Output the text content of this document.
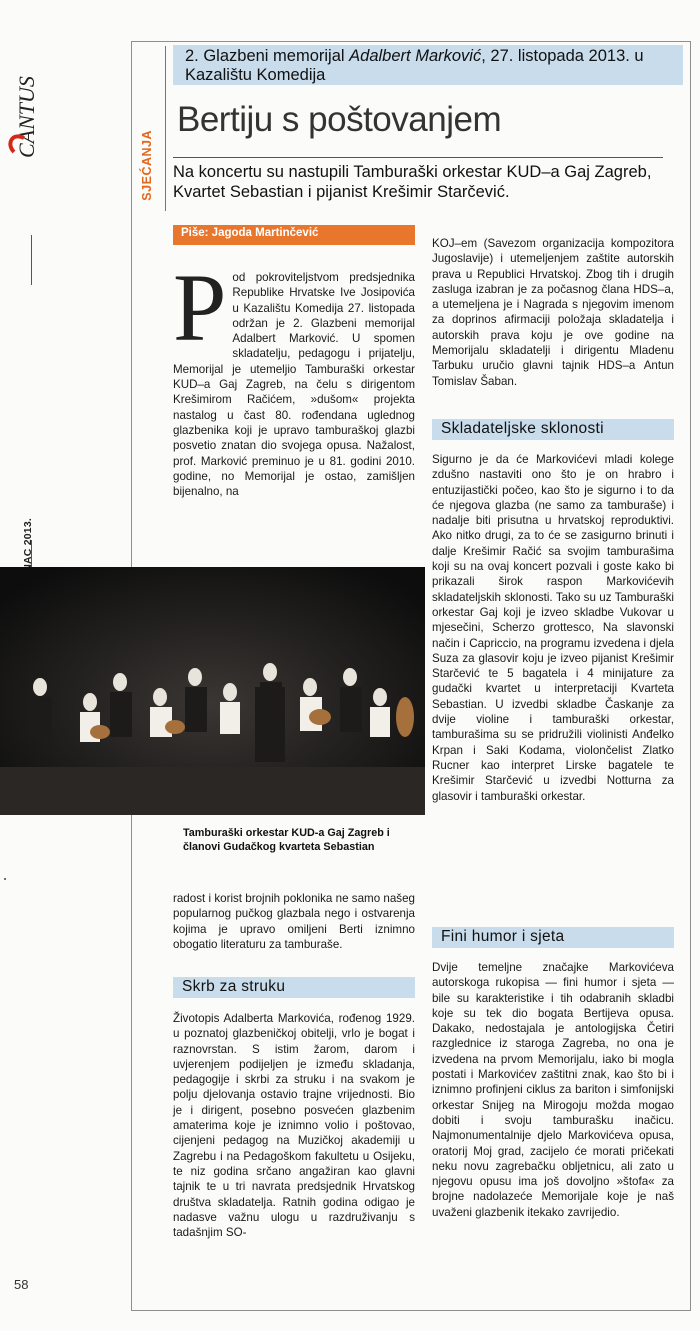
CANTUS
58
SJEĆANJA
2. Glazbeni memorijal Adalbert Marković, 27. listopada 2013. u Kazalištu Komedija
Bertiju s poštovanjem
Na koncertu su nastupili Tamburaški orkestar KUD–a Gaj Zagreb, Kvartet Sebastian i pijanist Krešimir Starčević.
Piše: Jagoda Martinčević
P od pokroviteljstvom predsjednika Republike Hrvatske Ive Josipovića u Kazalištu Komedija 27. listopada održan je 2. Glazbeni memorijal Adalbert Marković. U spomen skladatelju, pedagogu i prijatelju, Memorijal je utemeljio Tamburaški orkestar KUD–a Gaj Zagreb, na čelu s dirigentom Krešimirom Račićem, »dušom« projekta nastalog u čast 80. rođendana uglednog glazbenika koji je upravo tamburaškoj glazbi posvetio znatan dio svojega opusa. Nažalost, prof. Marković preminuo je u 81. godini 2010. godine, no Memorijal je ostao, zamišljen bijenalno, na
Tamburaški orkestar KUD-a Gaj Zagreb i članovi Gudačkog kvarteta Sebastian
radost i korist brojnih poklonika ne samo našeg popularnog pučkog glazbala nego i ostvarenja kojima je upravo omiljeni Berti iznimno obogatio literaturu za tamburaše.
Skrb za struku
Životopis Adalberta Markovića, rođenog 1929. u poznatoj glazbeničkoj obitelji, vrlo je bogat i raznovrstan. S istim žarom, darom i uvjerenjem podijeljen je između skladanja, pedagogije i skrbi za struku i na svakom je polju djelovanja ostavio trajne vrijednosti. Bio je i dirigent, posebno posvećen glazbenim amaterima koje je iznimno volio i poštovao, cijenjeni pedagog na Muzičkoj akademiji u Zagrebu i na Pedagoškom fakultetu u Osijeku, te niz godina srčano angažiran kao glavni tajnik te u tri navrata predsjednik Hrvatskog društva skladatelja. Ratnih godina odigao je nadasve važnu ulogu u razdruživanju s tadašnjim SO-
KOJ–em (Savezom organizacija kompozitora Jugoslavije) i utemeljenjem zaštite autorskih prava u Republici Hrvatskoj. Zbog tih i drugih zasluga izabran je za počasnog člana HDS–a, a utemeljena je i Nagrada s njegovim imenom za doprinos afirmaciji položaja skladatelja i autorskih prava koju je ove godine na Memorijalu skladatelji i dirigentu Mladenu Tarbuku uručio glavni tajnik HDS–a Antun Tomislav Šaban.
Skladateljske sklonosti
Sigurno je da će Markovićevi mladi kolege zdušno nastaviti ono što je on hrabro i entuzijastički počeo, kao što je sigurno i to da će njegova glazba (ne samo za tamburaše) i nadalje biti prisutna u hrvatskoj reproduktivi. Ako nitko drugi, za to će se zasigurno brinuti i dalje Krešimir Račić sa svojim tamburašima koji su na ovaj koncert pozvali i goste kako bi prikazali širok raspon Markovićevih skladateljskih sklonosti. Tako su uz Tamburaški orkestar Gaj koji je izveo skladbe Vukovar u mjesečini, Scherzo grottesco, Na slavonski način i Capriccio, na programu izvedena i djela Suza za glasovir koju je izveo pijanist Krešimir Starčević te 5 bagatela i 4 minijature za gudački kvartet u interpretaciji Kvarteta Sebastian. U izvedbi skladbe Časkanje za dvije violine i tamburaški orkestar, tamburašima su se pridružili violinisti Anđelko Krpan i Saki Kodama, violončelist Zlatko Rucner kao interpret Lirske bagatele te Krešimir Starčević u izvedbi Notturna za glasovir i tamburaški orkestar.
Fini humor i sjeta
Dvije temeljne značajke Markovićeva autorskoga rukopisa — fini humor i sjeta — bile su karakteristike i tih odabranih skladbi koje su tek dio bogata Bertijeva opusa. Dakako, nedostajala je antologijska Četiri razglednice iz staroga Zagreba, no ona je izvedena na prvom Memorijalu, iako bi mogla postati i Markovićev zaštitni znak, kao što bi i iznimno profinjeni ciklus za bariton i simfonijski orkestar Snijeg na Mirogoju možda mogao dobiti i svoju tamburašku inačicu. Najmonumentalnije djelo Markovićeva opusa, oratorij Moj grad, zacijelo će morati pričekati neku novu zagrebačku obljetnicu, ali zato u njegovu opusu ima još dovoljno »štofa« za brojne nadolazeće Memorijale koje je naš uvaženi glazbenik itekako zavrijedio.
